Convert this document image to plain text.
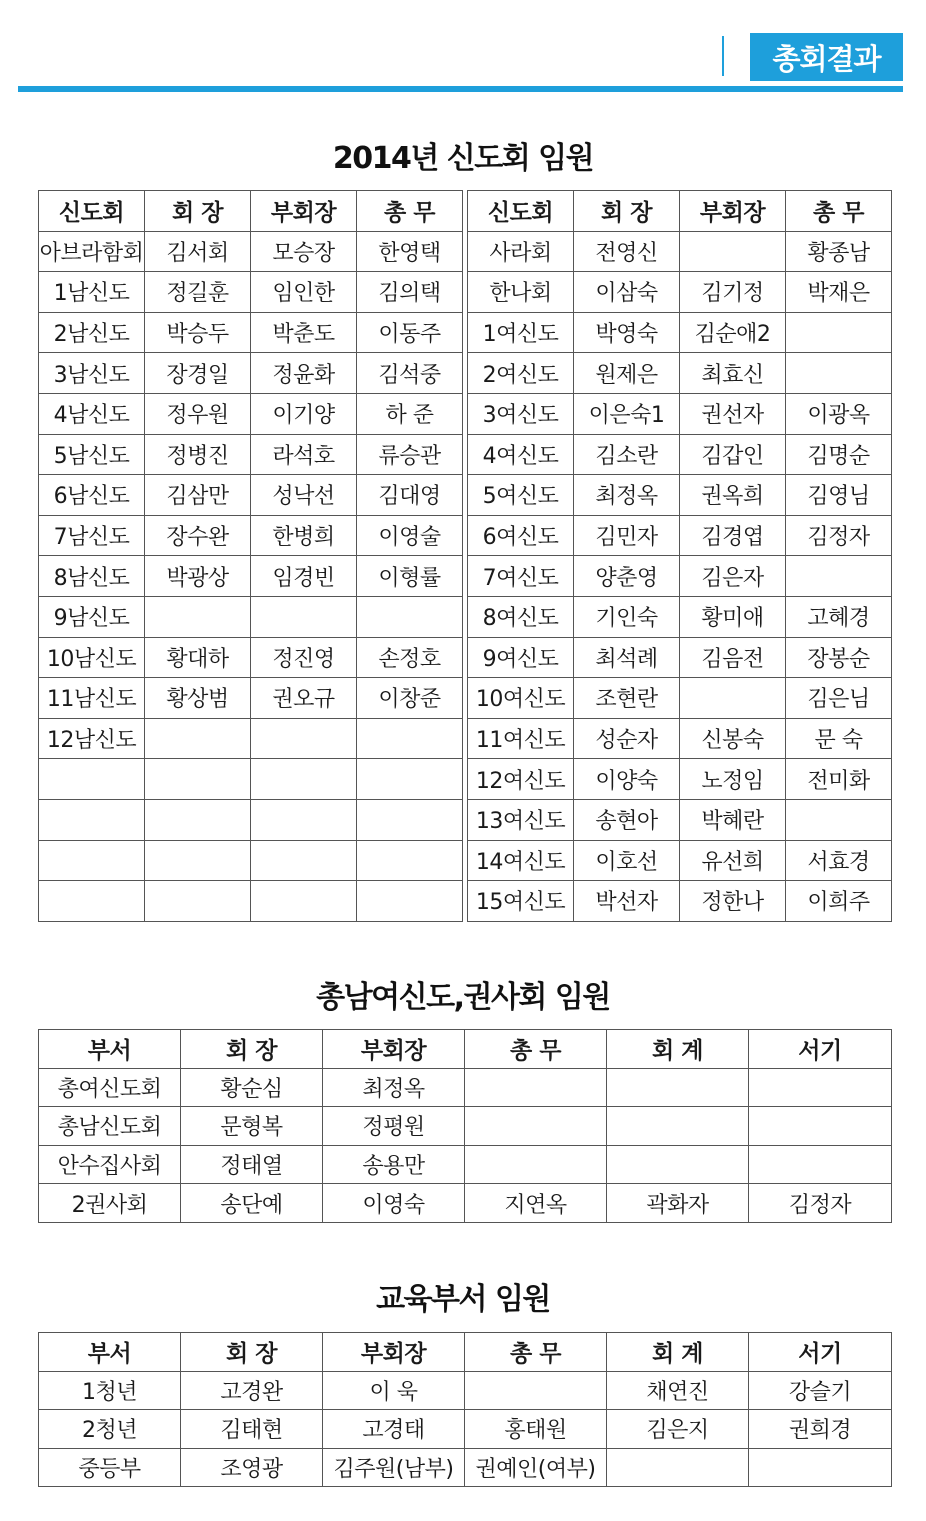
총회결과
2014년 신도회 임원
신도회	회 장	부회장	총 무
아브라함회	김서회	모승장	한영택
1남신도	정길훈	임인한	김의택
2남신도	박승두	박춘도	이동주
3남신도	장경일	정윤화	김석중
4남신도	정우원	이기양	하 준
5남신도	정병진	라석호	류승관
6남신도	김삼만	성낙선	김대영
7남신도	장수완	한병희	이영술
8남신도	박광상	임경빈	이형률
9남신도			
10남신도	황대하	정진영	손정호
11남신도	황상범	권오규	이창준
12남신도			

신도회	회 장	부회장	총 무
사라회	전영신		황종남
한나회	이삼숙	김기정	박재은
1여신도	박영숙	김순애2	
2여신도	원제은	최효신	
3여신도	이은숙1	권선자	이광옥
4여신도	김소란	김갑인	김명순
5여신도	최정옥	권옥희	김영님
6여신도	김민자	김경엽	김정자
7여신도	양춘영	김은자	
8여신도	기인숙	황미애	고혜경
9여신도	최석례	김음전	장봉순
10여신도	조현란		김은님
11여신도	성순자	신봉숙	문 숙
12여신도	이양숙	노정임	전미화
13여신도	송현아	박혜란	
14여신도	이호선	유선희	서효경
15여신도	박선자	정한나	이희주
총남여신도,권사회 임원
부서	회 장	부회장	총 무	회 계	서기
총여신도회	황순심	최정옥			
총남신도회	문형복	정평원			
안수집사회	정태열	송용만			
2권사회	송단예	이영숙	지연옥	곽화자	김정자
교육부서 임원
부서	회 장	부회장	총 무	회 계	서기
1청년	고경완	이 욱		채연진	강슬기
2청년	김태현	고경태	홍태원	김은지	권희경
중등부	조영광	김주원(남부)	권예인(여부)		
